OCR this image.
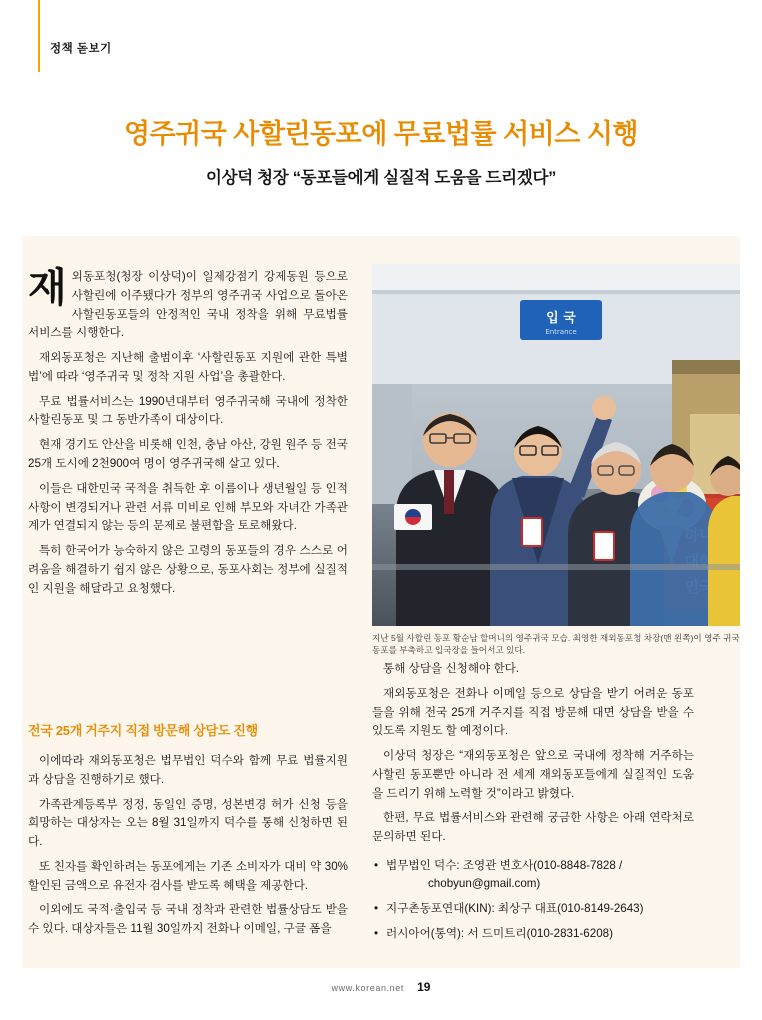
정책 돋보기
영주귀국 사할린동포에 무료법률 서비스 시행
이상덕 청장 “동포들에게 실질적 도움을 드리겠다”

재 외동포청(청장 이상덕)이 일제강점기 강제동원 등으로 사할린에 이주됐다가 정부의 영주귀국 사업으로 돌아온 사할린동포들의 안정적인 국내 정착을 위해 무료법률 서비스를 시행한다.

재외동포청은 지난해 출범이후 ‘사할린동포 지원에 관한 특별법’에 따라 ‘영주귀국 및 정착 지원 사업’을 총괄한다.

무료 법률서비스는 1990년대부터 영주귀국해 국내에 정착한 사할린동포 및 그 동반가족이 대상이다.

현재 경기도 안산을 비롯해 인천, 충남 아산, 강원 원주 등 전국 25개 도시에 2천900여 명이 영주귀국해 살고 있다.

이들은 대한민국 국적을 취득한 후 이름이나 생년월일 등 인적사항이 변경되거나 관련 서류 미비로 인해 부모와 자녀간 가족관계가 연결되지 않는 등의 문제로 불편함을 토로해왔다.

특히 한국어가 능숙하지 않은 고령의 동포들의 경우 스스로 어려움을 해결하기 쉽지 않은 상황으로, 동포사회는 정부에 실질적인 지원을 해달라고 요청했다.

전국 25개 거주지 직접 방문해 상담도 진행

이에따라 재외동포청은 법무법인 덕수와 함께 무료 법률지원과 상담을 진행하기로 했다.

가족관계등록부 정정, 동일인 증명, 성본변경 허가 신청 등을 희망하는 대상자는 오는 8월 31일까지 덕수를 통해 신청하면 된다.

또 친자를 확인하려는 동포에게는 기존 소비자가 대비 약 30% 할인된 금액으로 유전자 검사를 받도록 혜택을 제공한다.

이외에도 국적·출입국 등 국내 정착과 관련한 법률상담도 받을 수 있다. 대상자들은 11월 30일까지 전화나 이메일, 구글 폼을

입 국
Entrance
지난 5월 사할린 동포 황순남 할머니의 영주귀국 모습. 최영한 재외동포청 차장(맨 왼쪽)이 영주 귀국 동포를 부축하고 입국장을 들어서고 있다.

통해 상담을 신청해야 한다.

재외동포청은 전화나 이메일 등으로 상담을 받기 어려운 동포들을 위해 전국 25개 거주지를 직접 방문해 대면 상담을 받을 수 있도록 지원도 할 예정이다.

이상덕 청장은 “재외동포청은 앞으로 국내에 정착해 거주하는 사할린 동포뿐만 아니라 전 세계 재외동포들에게 실질적인 도움을 드리기 위해 노력할 것”이라고 밝혔다.

한편, 무료 법률서비스와 관련해 궁금한 사항은 아래 연락처로 문의하면 된다.

• 법무법인 덕수: 조영관 변호사(010-8848-7828 /
chobyun@gmail.com)
• 지구촌동포연대(KIN): 최상구 대표(010-8149-2643)
• 러시아어(통역): 서 드미트리(010-2831-6208)
www.korean.net 19
